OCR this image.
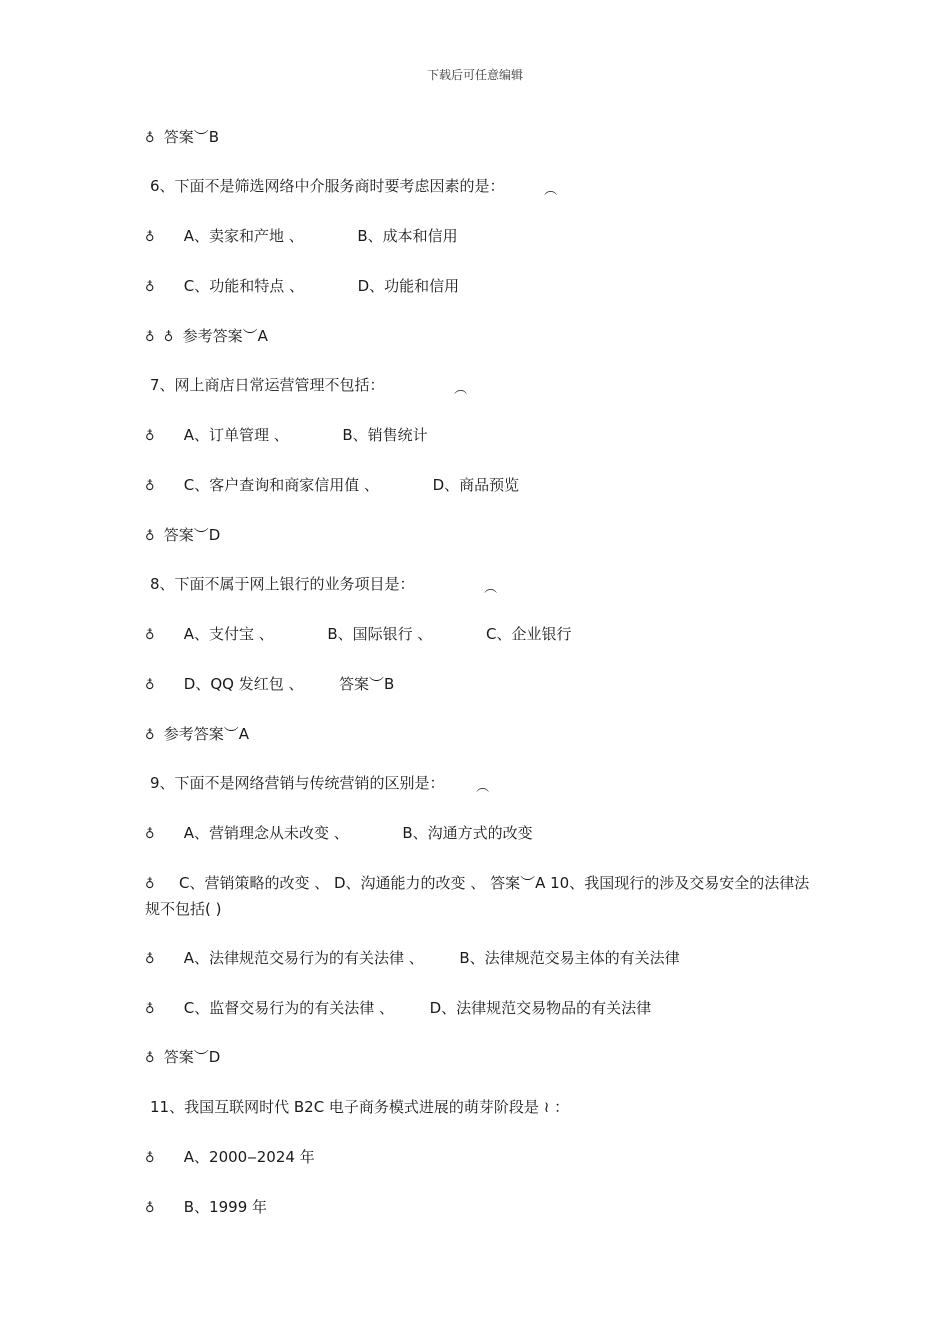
下载后可任意编辑
♁ 答案︶B
6、下面不是筛选网络中介服务商时要考虑因素的是：	︵
♁ A、卖家和产地 、	B、成本和信用
♁ C、功能和特点 、	D、功能和信用
♁ ♁ 参考答案︶A
7、网上商店日常运营管理不包括：	︵
♁ A、订单管理 、	B、销售统计
♁ C、客户查询和商家信用值 、	D、商品预览
♁ 答案︶D
8、下面不属于网上银行的业务项目是：	︵
♁ A、支付宝 、	B、国际银行 、	C、企业银行
♁ D、QQ 发红包 、 答案︶B
♁ 参考答案︶A
9、下面不是网络营销与传统营销的区别是： ︵
♁ A、营销理念从未改变 、	B、沟通方式的改变
♁ C、营销策略的改变 、 D、沟通能力的改变 、 答案︶A 10、我国现行的涉及交易安全的法律法规不包括( )
♁ A、法律规范交易行为的有关法律 、 B、法律规范交易主体的有关法律
♁ C、监督交易行为的有关法律 、 D、法律规范交易物品的有关法律
♁ 答案︶D
11、我国互联网时代 B2C 电子商务模式进展的萌芽阶段是 ≀ ：
♁ A、2000‒2024 年
♁ B、1999 年
